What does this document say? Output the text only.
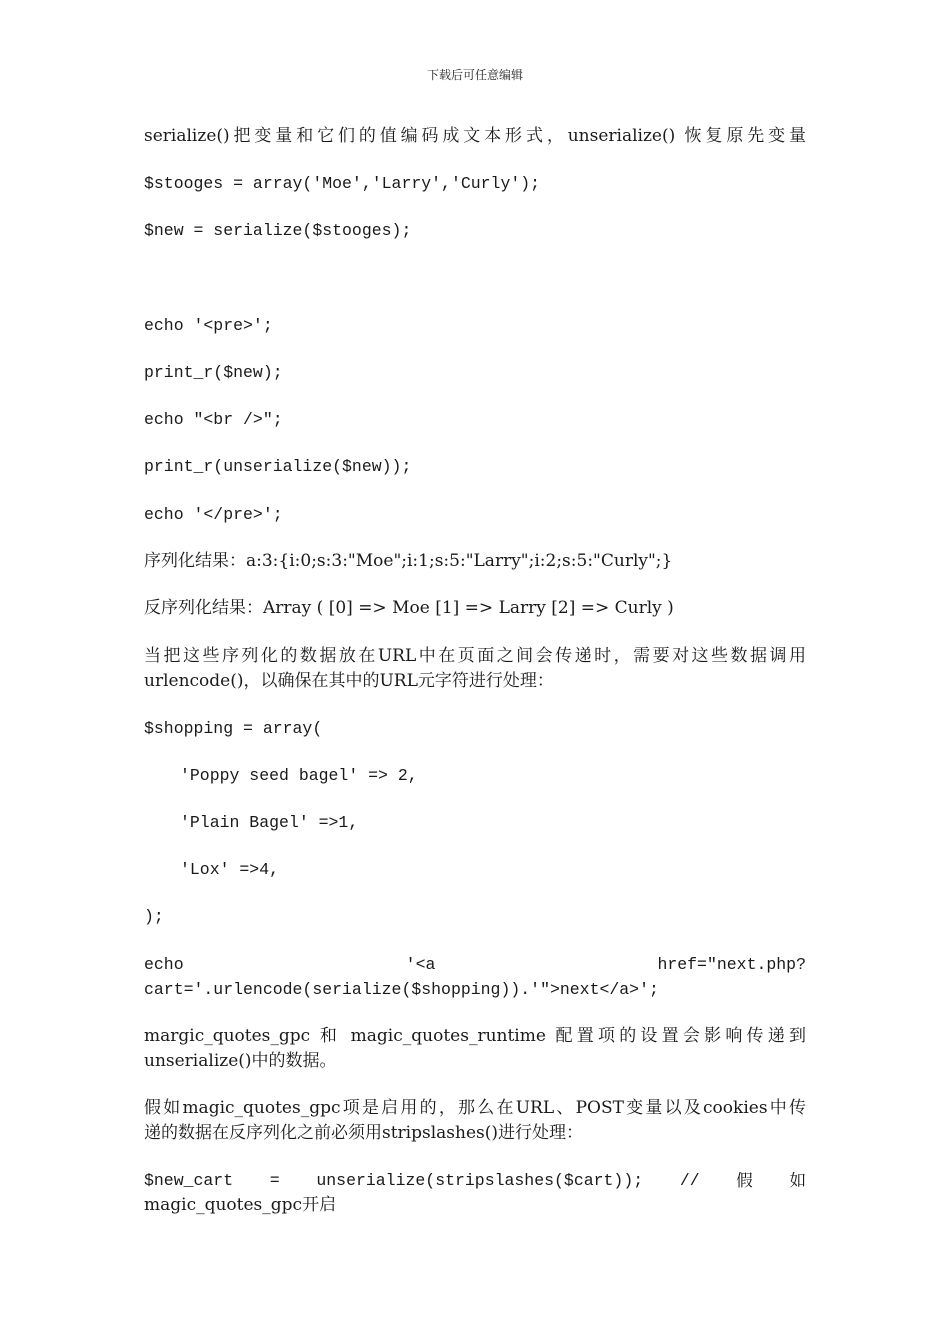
下载后可任意编辑
serialize()把变量和它们的值编码成文本形式，unserialize() 恢复原先变量
$stooges = array('Moe','Larry','Curly');
$new = serialize($stooges);
echo '<pre>';
print_r($new);
echo "<br />";
print_r(unserialize($new));
echo '</pre>';
序列化结果：a:3:{i:0;s:3:"Moe";i:1;s:5:"Larry";i:2;s:5:"Curly";}
反序列化结果：Array ( [0] => Moe [1] => Larry [2] => Curly )
当把这些序列化的数据放在URL中在页面之间会传递时，需要对这些数据调用
urlencode()，以确保在其中的URL元字符进行处理：
$shopping = array(
'Poppy seed bagel' => 2,
'Plain Bagel' =>1,
'Lox' =>4,
);
echo	'<a	href="next.php?
cart='.urlencode(serialize($shopping)).'">next</a>';
margic_quotes_gpc 和 magic_quotes_runtime 配置项的设置会影响传递到
unserialize()中的数据。
假如magic_quotes_gpc项是启用的，那么在URL、POST变量以及cookies中传
递的数据在反序列化之前必须用stripslashes()进行处理：
$new_cart = unserialize(stripslashes($cart)); // 假 如
magic_quotes_gpc开启
